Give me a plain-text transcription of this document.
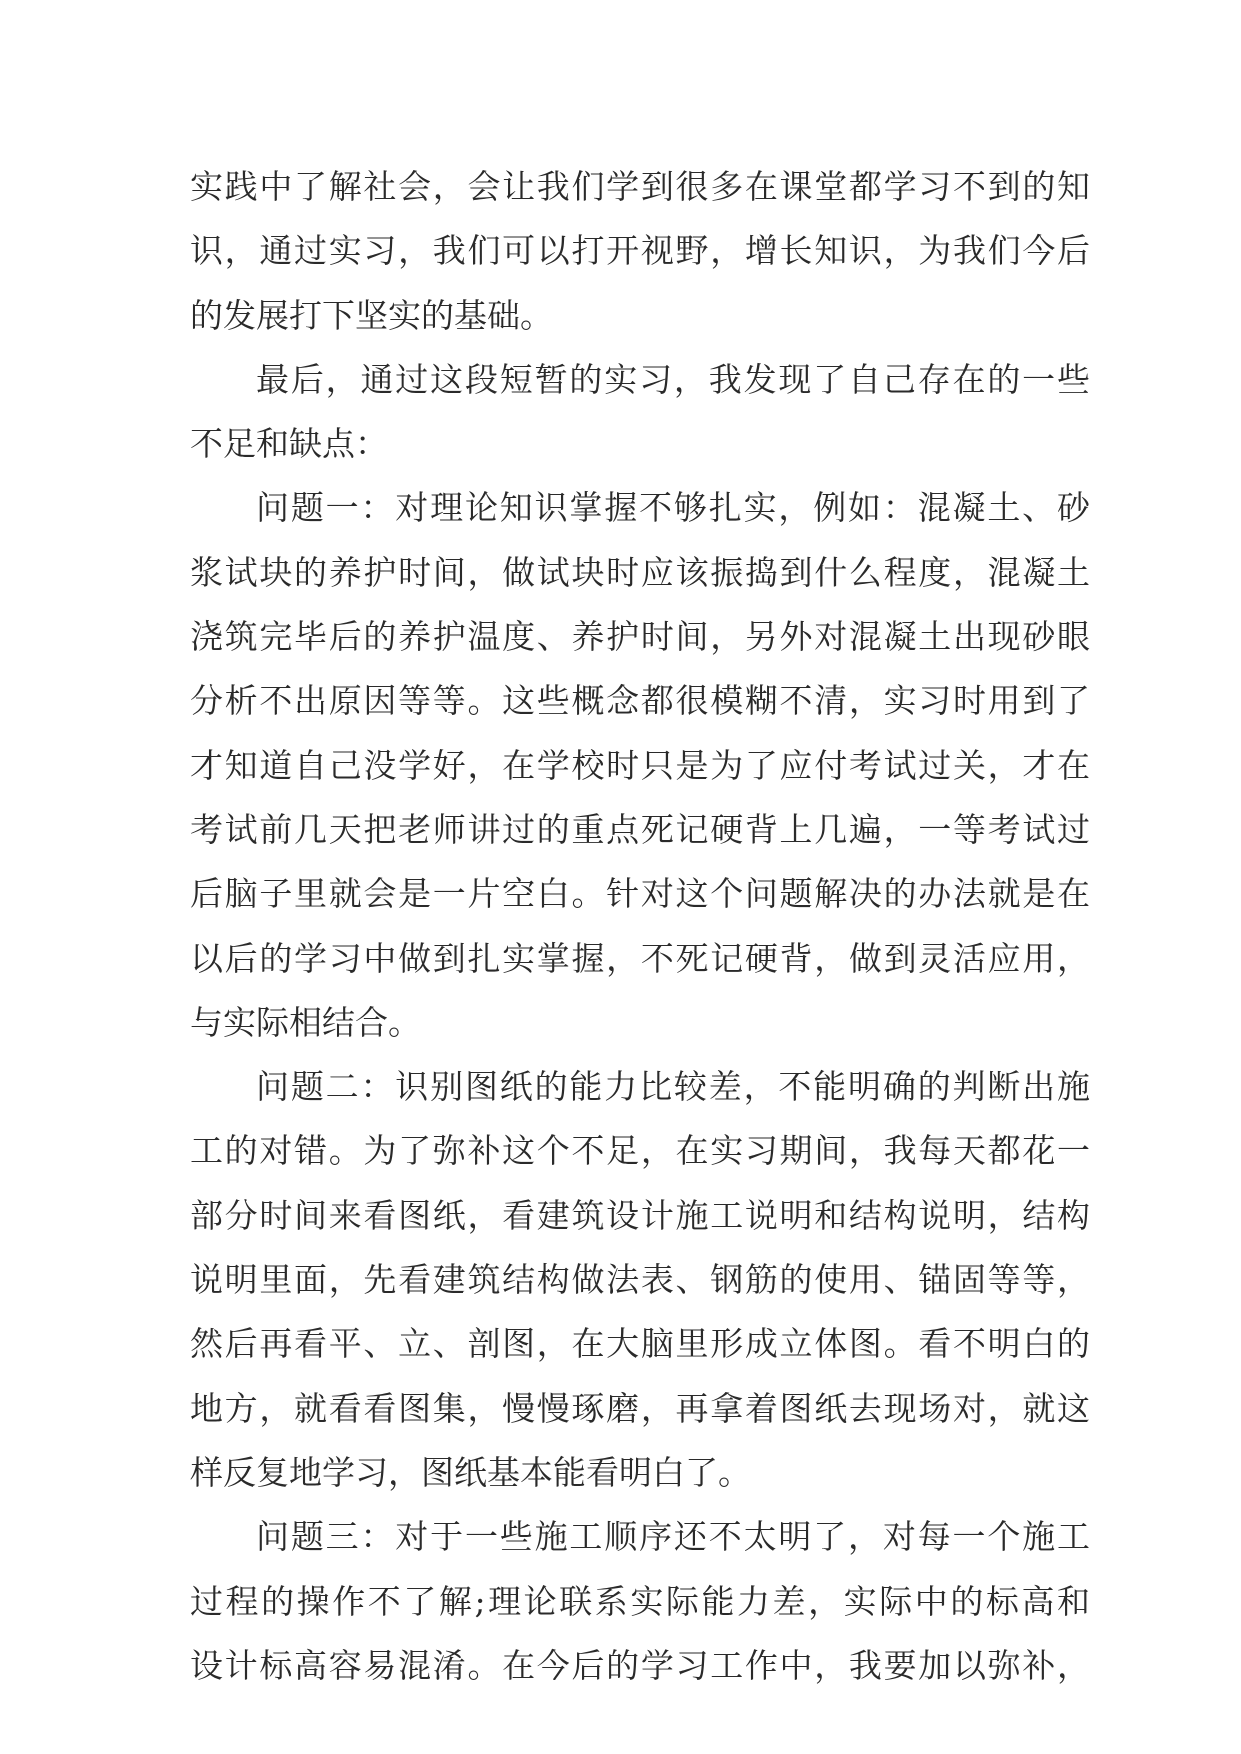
实践中了解社会，会让我们学到很多在课堂都学习不到的知
识，通过实习，我们可以打开视野，增长知识，为我们今后
的发展打下坚实的基础。
最后，通过这段短暂的实习，我发现了自己存在的一些
不足和缺点：
问题一：对理论知识掌握不够扎实，例如：混凝土、砂
浆试块的养护时间，做试块时应该振捣到什么程度，混凝土
浇筑完毕后的养护温度、养护时间，另外对混凝土出现砂眼
分析不出原因等等。这些概念都很模糊不清，实习时用到了
才知道自己没学好，在学校时只是为了应付考试过关，才在
考试前几天把老师讲过的重点死记硬背上几遍，一等考试过
后脑子里就会是一片空白。针对这个问题解决的办法就是在
以后的学习中做到扎实掌握，不死记硬背，做到灵活应用，
与实际相结合。
问题二：识别图纸的能力比较差，不能明确的判断出施
工的对错。为了弥补这个不足，在实习期间，我每天都花一
部分时间来看图纸，看建筑设计施工说明和结构说明，结构
说明里面，先看建筑结构做法表、钢筋的使用、锚固等等，
然后再看平、立、剖图，在大脑里形成立体图。看不明白的
地方，就看看图集，慢慢琢磨，再拿着图纸去现场对，就这
样反复地学习，图纸基本能看明白了。
问题三：对于一些施工顺序还不太明了，对每一个施工
过程的操作不了解;理论联系实际能力差，实际中的标高和
设计标高容易混淆。在今后的学习工作中，我要加以弥补，
